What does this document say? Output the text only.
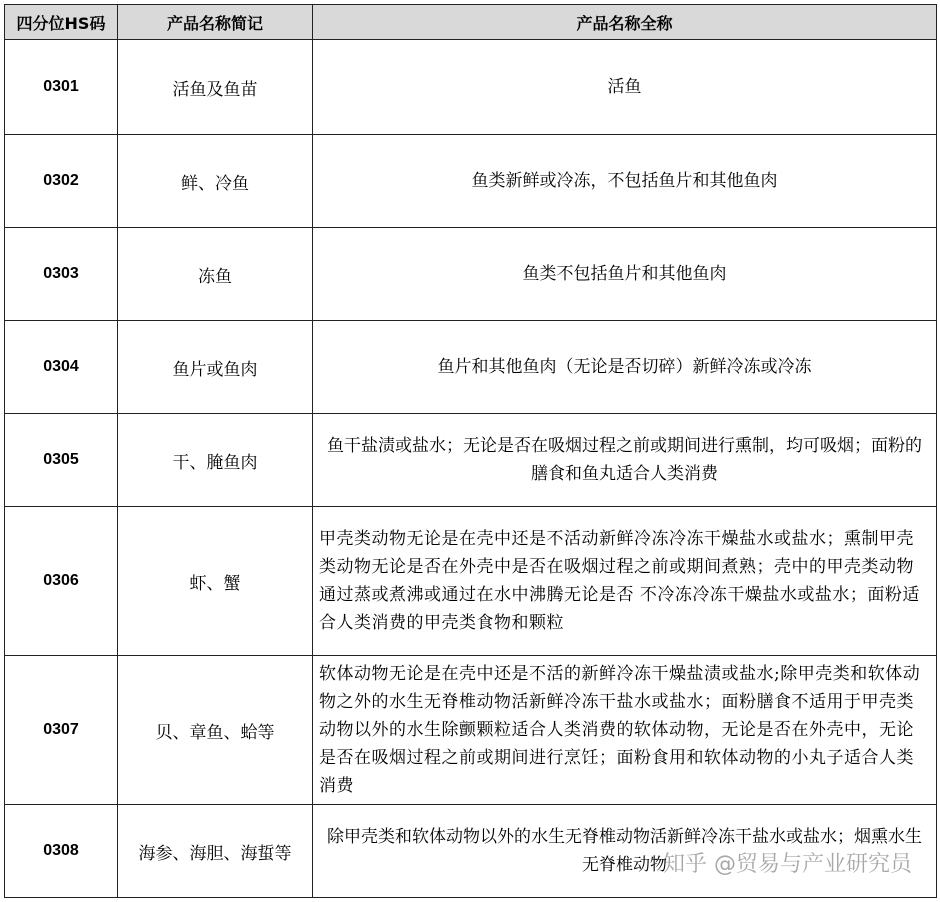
四分位HS码	产品名称简记	产品名称全称
0301	活鱼及鱼苗	活鱼
0302	鲜、冷鱼	鱼类新鲜或冷冻，不包括鱼片和其他鱼肉
0303	冻鱼	鱼类不包括鱼片和其他鱼肉
0304	鱼片或鱼肉	鱼片和其他鱼肉（无论是否切碎）新鲜冷冻或冷冻
0305	干、腌鱼肉	鱼干盐渍或盐水；无论是否在吸烟过程之前或期间进行熏制，均可吸烟；面粉的膳食和鱼丸适合人类消费
0306	虾、蟹	甲壳类动物无论是在壳中还是不活动新鲜冷冻冷冻干燥盐水或盐水；熏制甲壳类动物无论是否在外壳中是否在吸烟过程之前或期间煮熟；壳中的甲壳类动物通过蒸或煮沸或通过在水中沸腾无论是否 不冷冻冷冻干燥盐水或盐水；面粉适合人类消费的甲壳类食物和颗粒
0307	贝、章鱼、蛤等	软体动物无论是在壳中还是不活的新鲜冷冻干燥盐渍或盐水;除甲壳类和软体动物之外的水生无脊椎动物活新鲜冷冻干盐水或盐水；面粉膳食不适用于甲壳类动物以外的水生除颤颗粒适合人类消费的软体动物，无论是否在外壳中，无论是否在吸烟过程之前或期间进行烹饪；面粉食用和软体动物的小丸子适合人类消费
0308	海参、海胆、海蜇等	除甲壳类和软体动物以外的水生无脊椎动物活新鲜冷冻干盐水或盐水；烟熏水生无脊椎动物
知乎 @贸易与产业研究员
